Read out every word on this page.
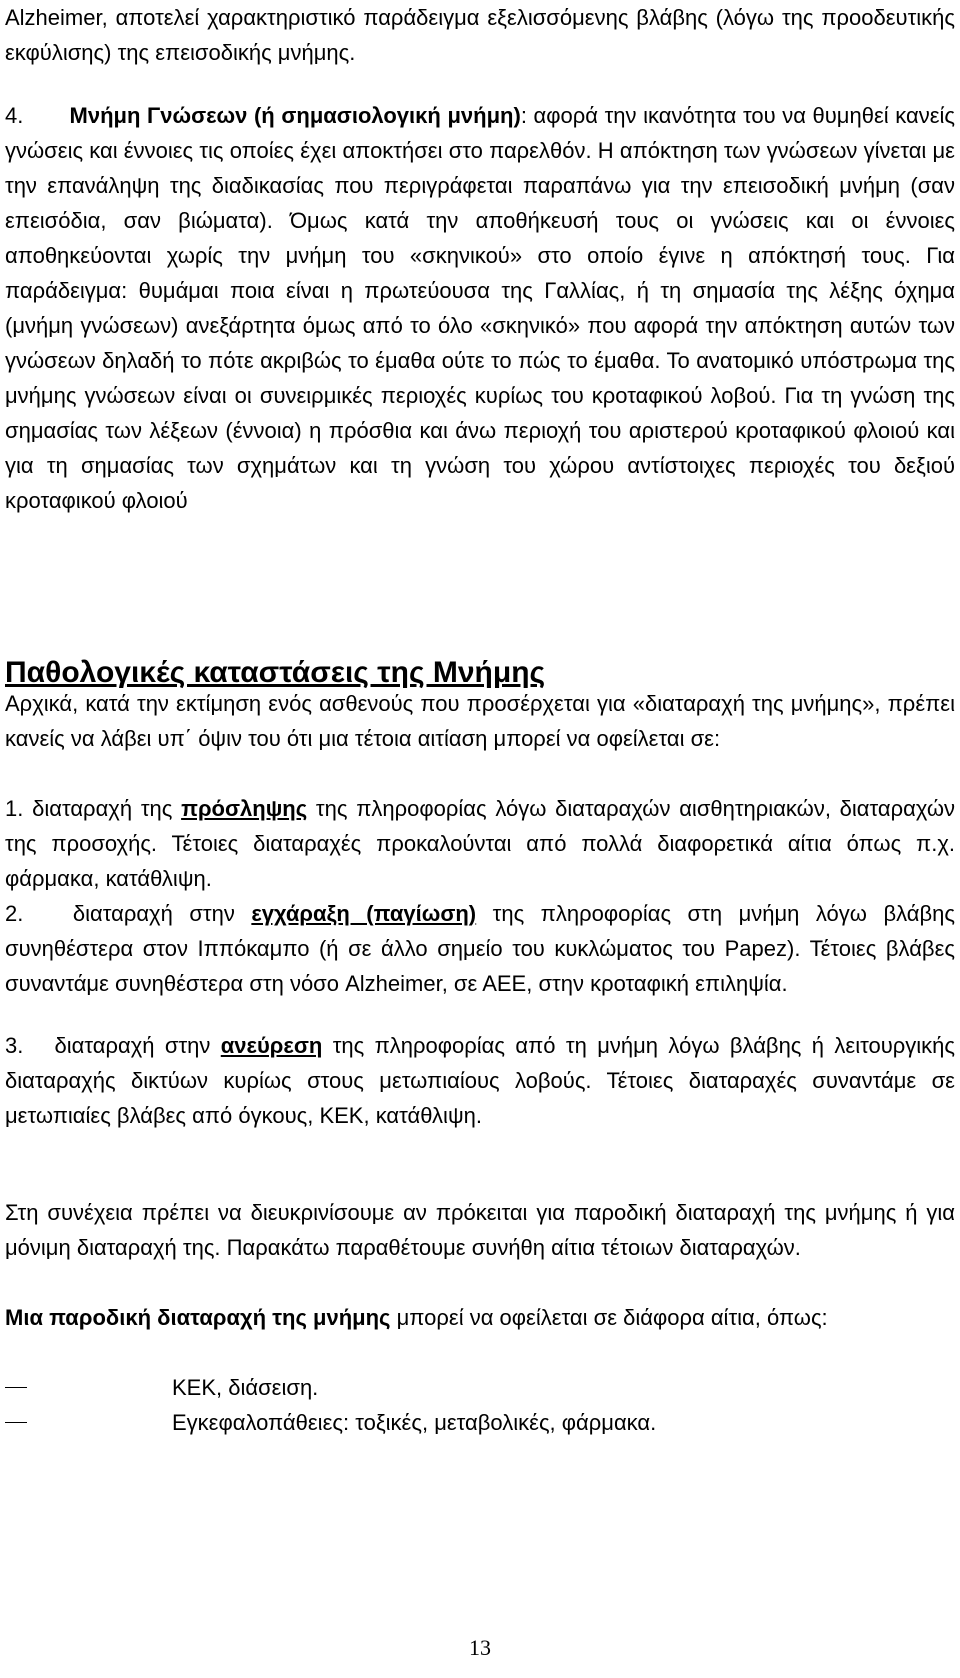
Alzheimer, αποτελεί χαρακτηριστικό παράδειγμα εξελισσόμενης βλάβης (λόγω της προοδευτικής εκφύλισης) της επεισοδικής μνήμης.

4. Μνήμη Γνώσεων (ή σημασιολογική μνήμη): αφορά την ικανότητα του να θυμηθεί κανείς γνώσεις και έννοιες τις οποίες έχει αποκτήσει στο παρελθόν. Η απόκτηση των γνώσεων γίνεται με την επανάληψη της διαδικασίας που περιγράφεται παραπάνω για την επεισοδική μνήμη (σαν επεισόδια, σαν βιώματα). Όμως κατά την αποθήκευσή τους οι γνώσεις και οι έννοιες αποθηκεύονται χωρίς την μνήμη του «σκηνικού» στο οποίο έγινε η απόκτησή τους. Για παράδειγμα: θυμάμαι ποια είναι η πρωτεύουσα της Γαλλίας, ή τη σημασία της λέξης όχημα (μνήμη γνώσεων) ανεξάρτητα όμως από το όλο «σκηνικό» που αφορά την απόκτηση αυτών των γνώσεων δηλαδή το πότε ακριβώς το έμαθα ούτε το πώς το έμαθα. Το ανατομικό υπόστρωμα της μνήμης γνώσεων είναι οι συνειρμικές περιοχές κυρίως του κροταφικού λοβού. Για τη γνώση της σημασίας των λέξεων (έννοια) η πρόσθια και άνω περιοχή του αριστερού κροταφικού φλοιού και για τη σημασίας των σχημάτων και τη γνώση του χώρου αντίστοιχες περιοχές του δεξιού κροταφικού φλοιού

Παθολογικές καταστάσεις της Μνήμης

Αρχικά, κατά την εκτίμηση ενός ασθενούς που προσέρχεται για «διαταραχή της μνήμης», πρέπει κανείς να λάβει υπ΄ όψιν του ότι μια τέτοια αιτίαση μπορεί να οφείλεται σε:

1. διαταραχή της πρόσληψης της πληροφορίας λόγω διαταραχών αισθητηριακών, διαταραχών της προσοχής. Τέτοιες διαταραχές προκαλούνται από πολλά διαφορετικά αίτια όπως π.χ. φάρμακα, κατάθλιψη.

2.   διαταραχή στην εγχάραξη (παγίωση) της πληροφορίας στη μνήμη λόγω βλάβης συνηθέστερα στον Ιππόκαμπο (ή σε άλλο σημείο του κυκλώματος του Papez). Τέτοιες βλάβες συναντάμε συνηθέστερα στη νόσο Alzheimer, σε ΑΕΕ, στην κροταφική επιληψία.

3.   διαταραχή στην ανεύρεση της πληροφορίας από τη μνήμη λόγω βλάβης ή λειτουργικής διαταραχής δικτύων κυρίως στους μετωπιαίους λοβούς. Τέτοιες διαταραχές συναντάμε σε μετωπιαίες βλάβες από όγκους, ΚΕΚ, κατάθλιψη.

Στη συνέχεια πρέπει να διευκρινίσουμε αν πρόκειται για παροδική διαταραχή της μνήμης ή για μόνιμη διαταραχή της. Παρακάτω παραθέτουμε συνήθη αίτια τέτοιων διαταραχών.

Μια παροδική διαταραχή της μνήμης μπορεί να οφείλεται σε διάφορα αίτια, όπως:

ΚΕΚ, διάσειση.
Εγκεφαλοπάθειες: τοξικές, μεταβολικές, φάρμακα.
13
